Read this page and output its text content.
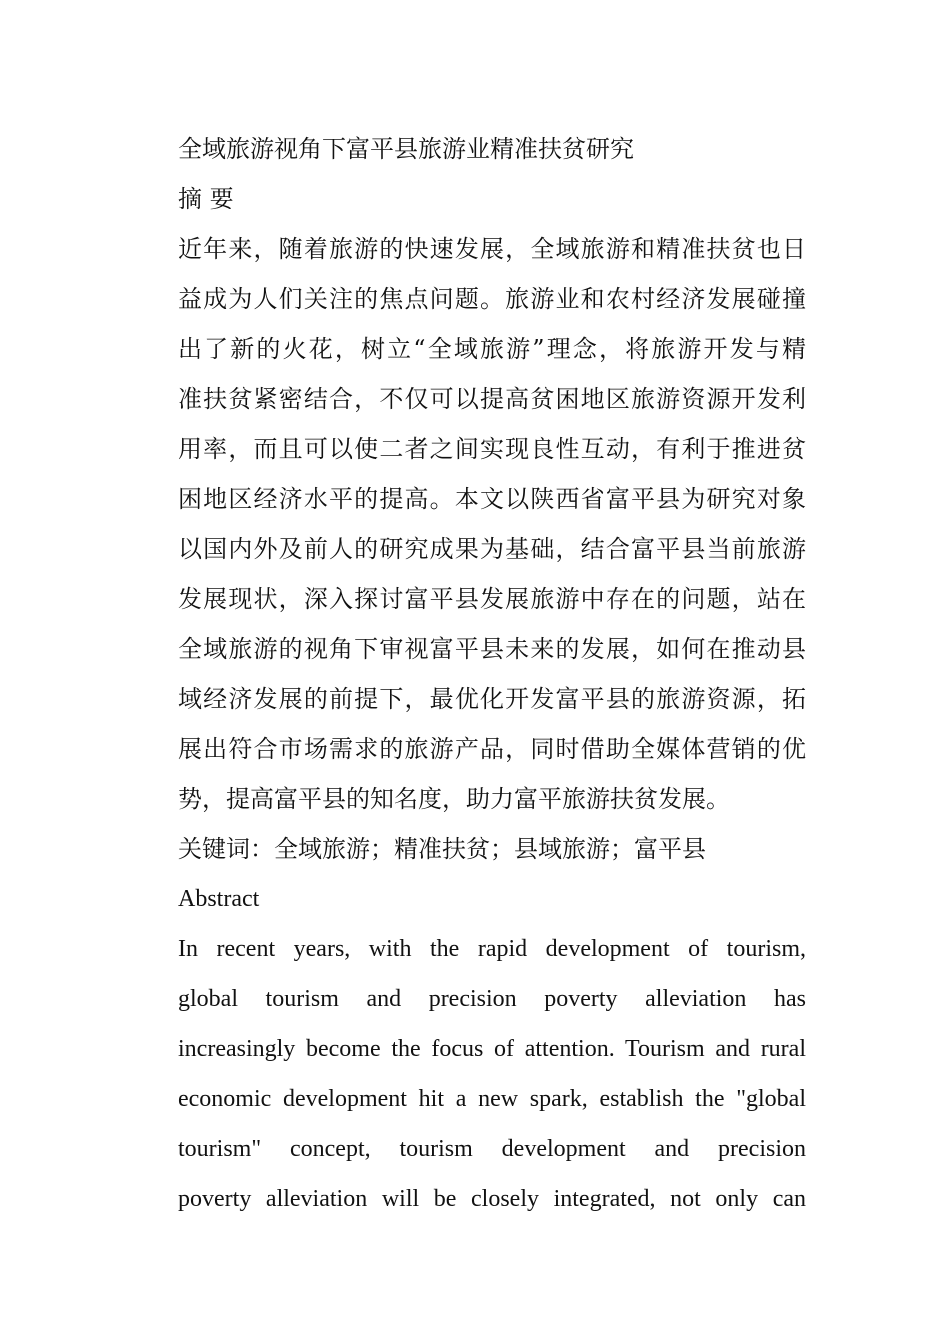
全域旅游视角下富平县旅游业精准扶贫研究
摘 要
近年来，随着旅游的快速发展，全域旅游和精准扶贫也日
益成为人们关注的焦点问题。旅游业和农村经济发展碰撞
出了新的火花，树立“全域旅游”理念，将旅游开发与精
准扶贫紧密结合，不仅可以提高贫困地区旅游资源开发利
用率，而且可以使二者之间实现良性互动，有利于推进贫
困地区经济水平的提高。本文以陕西省富平县为研究对象
以国内外及前人的研究成果为基础，结合富平县当前旅游
发展现状，深入探讨富平县发展旅游中存在的问题，站在
全域旅游的视角下审视富平县未来的发展，如何在推动县
域经济发展的前提下，最优化开发富平县的旅游资源，拓
展出符合市场需求的旅游产品，同时借助全媒体营销的优
势，提高富平县的知名度，助力富平旅游扶贫发展。
关键词：全域旅游；精准扶贫；县域旅游；富平县
Abstract
In recent years, with the rapid development of tourism,
global tourism and precision poverty alleviation has
increasingly become the focus of attention. Tourism and rural
economic development hit a new spark, establish the "global
tourism" concept, tourism development and precision
poverty alleviation will be closely integrated, not only can
